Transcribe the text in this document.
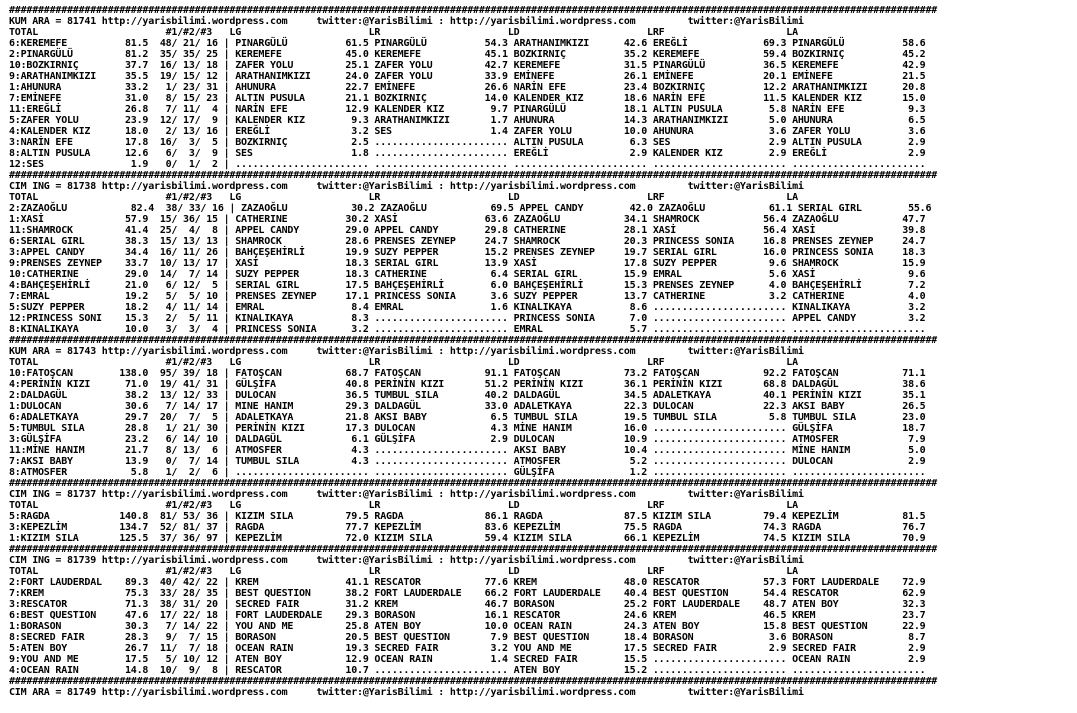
################################################################################################################################################################
KUM ARA = 81741 http://yarisbilimi.wordpress.com     twitter:@YarisBilimi : http://yarisbilimi.wordpress.com         twitter:@YarisBilimi
TOTAL                      #1/#2/#3   LG                      LR                      LD                      LRF                     LA
6:KEREMEFE          81.5  48/ 21/ 16 | PINARGÜLÜ          61.5 PINARGÜLÜ          54.3 ARATHANIMKIZI      42.6 EREĞLİ             69.3 PINARGÜLÜ          58.6
2:PINARGÜLÜ         81.2  35/ 35/ 25 | KEREMEFE           45.0 KEREMEFE           45.1 BOZKIRNIÇ          35.2 KEREMEFE           59.4 BOZKIRNIÇ          45.2
10:BOZKIRNIÇ        37.7  16/ 13/ 18 | ZAFER YOLU         25.1 ZAFER YOLU         42.7 KEREMEFE           31.5 PINARGÜLÜ          36.5 KEREMEFE           42.9
9:ARATHANIMKIZI     35.5  19/ 15/ 12 | ARATHANIMKIZI      24.0 ZAFER YOLU         33.9 EMİNEFE            26.1 EMİNEFE            20.1 EMİNEFE            21.5
1:AHUNURA           33.2   1/ 23/ 31 | AHUNURA            22.7 EMİNEFE            26.6 NARİN EFE          23.4 BOZKIRNIÇ          12.2 ARATHANIMKIZI      20.8
7:EMİNEFE           31.0   8/ 15/ 23 | ALTIN PUSULA       21.1 BOZKIRNIÇ          14.0 KALENDER KIZ       18.6 NARİN EFE          11.5 KALENDER KIZ       15.0
11:EREĞLİ           26.8   7/ 11/  4 | NARİN EFE          12.9 KALENDER KIZ        9.7 PINARGÜLÜ          18.1 ALTIN PUSULA        5.8 NARİN EFE           9.3
5:ZAFER YOLU        23.9  12/ 17/  9 | KALENDER KIZ        9.3 ARATHANIMKIZI       1.7 AHUNURA            14.3 ARATHANIMKIZI       5.0 AHUNURA             6.5
4:KALENDER KIZ      18.0   2/ 13/ 16 | EREĞLİ              3.2 SES                 1.4 ZAFER YOLU         10.0 AHUNURA             3.6 ZAFER YOLU          3.6
3:NARİN EFE         17.8  16/  3/  5 | BOZKIRNIÇ           2.5 ....................... ALTIN PUSULA        6.3 SES                 2.9 ALTIN PUSULA        2.9
8:ALTIN PUSULA      12.6   6/  3/  9 | SES                 1.8 ....................... EREĞLİ              2.9 KALENDER KIZ        2.9 EREĞLİ              2.9
12:SES               1.9   0/  1/  2 | ....................... ....................... ....................... ....................... .......................
################################################################################################################################################################
CIM ING = 81738 http://yarisbilimi.wordpress.com     twitter:@YarisBilimi : http://yarisbilimi.wordpress.com         twitter:@YarisBilimi
TOTAL                      #1/#2/#3   LG                      LR                      LD                      LRF                     LA
2:ZAZAOĞLU           82.4  38/ 33/ 16 | ZAZAOĞLU           30.2 ZAZAOĞLU           69.5 APPEL CANDY        42.0 ZAZAOĞLU           61.1 SERIAL GIRL        55.6
1:XASİ              57.9  15/ 36/ 15 | CATHERINE          30.2 XASİ               63.6 ZAZAOĞLU           34.1 SHAMROCK           56.4 ZAZAOĞLU           47.7
11:SHAMROCK         41.4  25/  4/  8 | APPEL CANDY        29.0 APPEL CANDY        29.8 CATHERINE          28.1 XASİ               56.4 XASİ               39.8
6:SERIAL GIRL       38.3  15/ 13/ 13 | SHAMROCK           28.6 PRENSES ZEYNEP     24.7 SHAMROCK           20.3 PRINCESS SONIA     16.8 PRENSES ZEYNEP     24.7
3:APPEL CANDY       34.4  16/ 11/ 26 | BAHÇEŞEHİRLİ       19.9 SUZY PEPPER        15.2 PRENSES ZEYNEP     19.7 SERIAL GIRL        16.0 PRINCESS SONIA     18.3
9:PRENSES ZEYNEP    33.7  10/ 13/ 17 | XASİ               18.3 SERIAL GIRL        13.9 XASİ               17.8 SUZY PEPPER         9.6 SHAMROCK           15.9
10:CATHERINE        29.0  14/  7/ 14 | SUZY PEPPER        18.3 CATHERINE           6.4 SERIAL GIRL        15.9 EMRAL               5.6 XASİ                9.6
4:BAHÇEŞEHİRLİ      21.0   6/ 12/  5 | SERIAL GIRL        17.5 BAHÇEŞEHİRLİ        6.0 BAHÇEŞEHİRLİ       15.3 PRENSES ZEYNEP      4.0 BAHÇEŞEHİRLİ        7.2
7:EMRAL             19.2   5/  5/ 10 | PRENSES ZEYNEP     17.1 PRINCESS SONIA      3.6 SUZY PEPPER        13.7 CATHERINE           3.2 CATHERINE           4.0
5:SUZY PEPPER       18.2   4/ 11/ 14 | EMRAL               8.4 EMRAL               1.6 KINALIKAYA          8.6 ....................... KINALIKAYA          3.2
12:PRINCESS SONI    15.3   2/  5/ 11 | KINALIKAYA          8.3 ....................... PRINCESS SONIA      7.0 ....................... APPEL CANDY         3.2
8:KINALIKAYA        10.0   3/  3/  4 | PRINCESS SONIA      3.2 ....................... EMRAL               5.7 ....................... .......................
################################################################################################################################################################
KUM ARA = 81743 http://yarisbilimi.wordpress.com     twitter:@YarisBilimi : http://yarisbilimi.wordpress.com         twitter:@YarisBilimi
TOTAL                      #1/#2/#3   LG                      LR                      LD                      LRF                     LA
10:FATOŞCAN        138.0  95/ 39/ 18 | FATOŞCAN           68.7 FATOŞCAN           91.1 FATOŞCAN           73.2 FATOŞCAN           92.2 FATOŞCAN           71.1
4:PERİNİN KIZI      71.0  19/ 41/ 31 | GÜLŞİFA            40.8 PERİNİN KIZI       51.2 PERİNİN KIZI       36.1 PERİNİN KIZI       68.8 DALDAGÜL           38.6
2:DALDAGÜL          38.2  13/ 12/ 33 | DULOCAN            36.5 TUMBUL SILA        40.2 DALDAGÜL           34.5 ADALETKAYA         40.1 PERİNİN KIZI       35.1
1:DULOCAN           30.6   7/ 14/ 17 | MINE HANIM         29.3 DALDAGÜL           33.0 ADALETKAYA         22.3 DULOCAN            22.3 AKSI BABY          26.5
6:ADALETKAYA        29.7  20/  7/  5 | ADALETKAYA         21.8 AKSI BABY           6.5 TUMBUL SILA        19.5 TUMBUL SILA         5.8 TUMBUL SILA        23.0
5:TUMBUL SILA       28.8   1/ 21/ 30 | PERİNİN KIZI       17.3 DULOCAN             4.3 MİNE HANIM         16.0 ....................... GÜLŞİFA            18.7
3:GÜLŞİFA           23.2   6/ 14/ 10 | DALDAGÜL            6.1 GÜLŞİFA             2.9 DULOCAN            10.9 ....................... ATMOSFER            7.9
11:MİNE HANIM       21.7   8/ 13/  6 | ATMOSFER            4.3 ....................... AKSI BABY          10.4 ....................... MİNE HANIM          5.0
7:AKSI BABY         13.9   0/  7/ 14 | TUMBUL SILA         4.3 ....................... ATMOSFER            5.2 ....................... DULOCAN             2.9
8:ATMOSFER           5.8   1/  2/  6 | ....................... ....................... GÜLŞİFA             1.2 ....................... .......................
################################################################################################################################################################
CIM ING = 81737 http://yarisbilimi.wordpress.com     twitter:@YarisBilimi : http://yarisbilimi.wordpress.com         twitter:@YarisBilimi
TOTAL                      #1/#2/#3   LG                      LR                      LD                      LRF                     LA
5:RAGDA            140.8  81/ 53/ 36 | KIZIM SILA         79.5 RAGDA              86.1 RAGDA              87.5 KIZIM SILA         79.4 KEPEZLİM           81.5
3:KEPEZLİM         134.7  52/ 81/ 37 | RAGDA              77.7 KEPEZLİM           83.6 KEPEZLİM           75.5 RAGDA              74.3 RAGDA              76.7
1:KIZIM SILA       125.5  37/ 36/ 97 | KEPEZLİM           72.0 KIZIM SILA         59.4 KIZIM SILA         66.1 KEPEZLİM           74.5 KIZIM SILA         70.9
################################################################################################################################################################
CIM ING = 81739 http://yarisbilimi.wordpress.com     twitter:@YarisBilimi : http://yarisbilimi.wordpress.com         twitter:@YarisBilimi
TOTAL                      #1/#2/#3   LG                      LR                      LD                      LRF                     LA
2:FORT LAUDERDAL    89.3  40/ 42/ 22 | KREM               41.1 RESCATOR           77.6 KREM               48.0 RESCATOR           57.3 FORT LAUDERDALE    72.9
7:KREM              75.3  33/ 28/ 35 | BEST QUESTION      38.2 FORT LAUDERDALE    66.2 FORT LAUDERDALE    40.4 BEST QUESTION      54.4 RESCATOR           62.9
3:RESCATOR          71.3  38/ 31/ 20 | SECRED FAIR        31.2 KREM               46.7 BORASON            25.2 FORT LAUDERDALE    48.7 ATEN BOY           32.3
6:BEST QUESTION     47.6  17/ 22/ 18 | FORT LAUDERDALE    29.3 BORASON            16.1 RESCATOR           24.6 KREM               46.5 KREM               23.7
1:BORASON           30.3   7/ 14/ 22 | YOU AND ME         25.8 ATEN BOY           10.0 OCEAN RAIN         24.3 ATEN BOY           15.8 BEST QUESTION      22.9
8:SECRED FAIR       28.3   9/  7/ 15 | BORASON            20.5 BEST QUESTION       7.9 BEST QUESTION      18.4 BORASON             3.6 BORASON             8.7
5:ATEN BOY          26.7  11/  7/ 18 | OCEAN RAIN         19.3 SECRED FAIR         3.2 YOU AND ME         17.5 SECRED FAIR         2.9 SECRED FAIR         2.9
9:YOU AND ME        17.5   5/ 10/ 12 | ATEN BOY           12.9 OCEAN RAIN          1.4 SECRED FAIR        15.5 ....................... OCEAN RAIN          2.9
4:OCEAN RAIN        14.8  10/  9/  8 | RESCATOR           10.7 ....................... ATEN BOY           15.2 ....................... .......................
################################################################################################################################################################
CIM ARA = 81749 http://yarisbilimi.wordpress.com     twitter:@YarisBilimi : http://yarisbilimi.wordpress.com         twitter:@YarisBilimi
